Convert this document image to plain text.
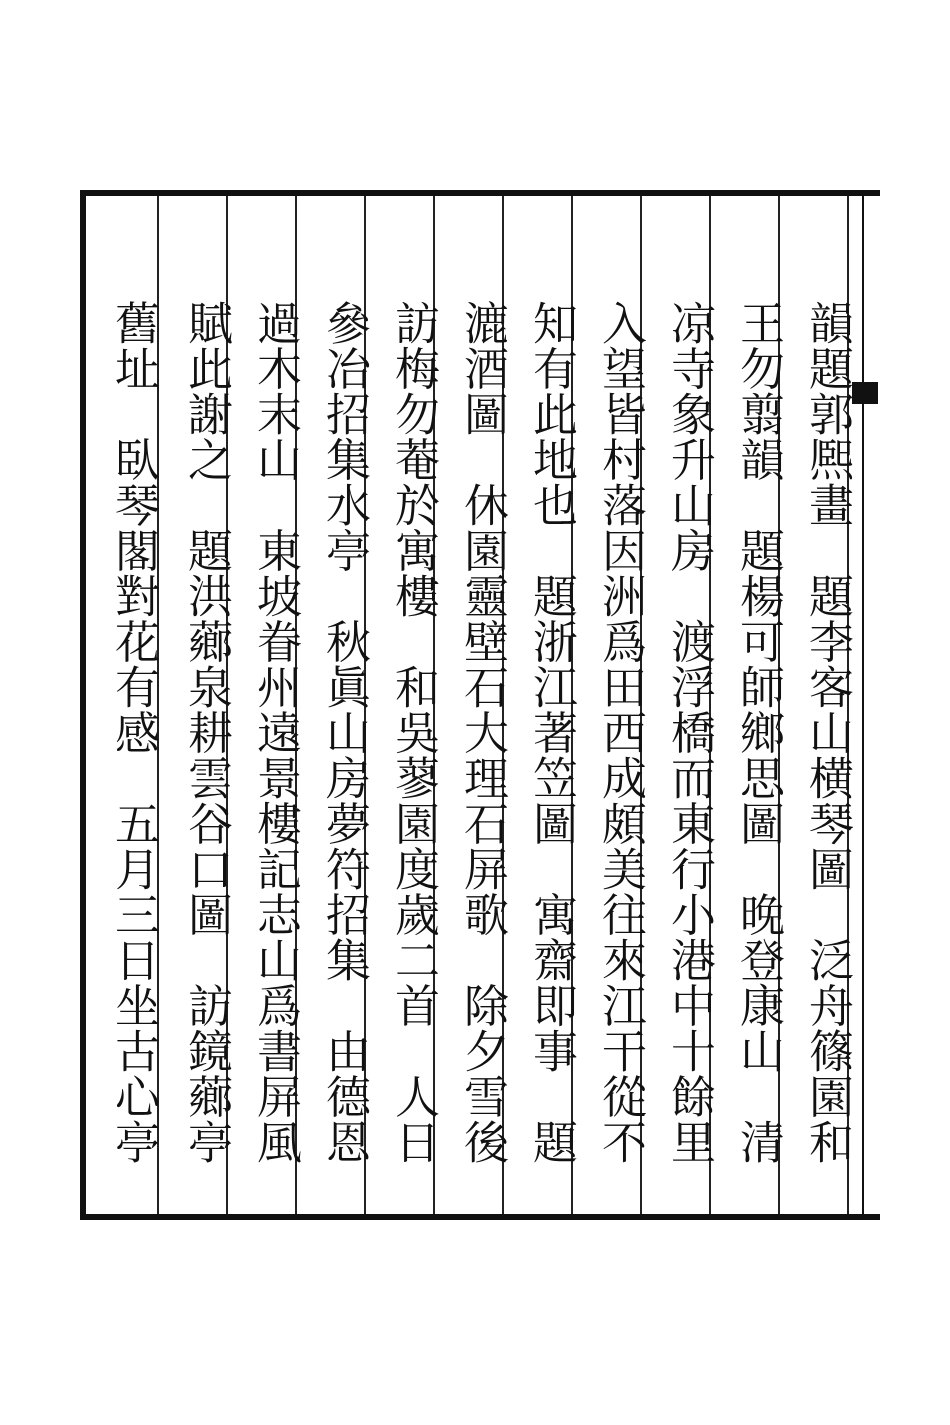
韻題郭熈畫　題李客山横琴圖　泛舟篠園和
王勿翦韻　題楊可師鄉思圖　晚登康山　清
凉寺象升山房　渡浮橋而東行小港中十餘里
入望皆村落因洲爲田西成頗美往來江干從不
知有此地也　題浙江著笠圖　寓齋即事　題
漉酒圖　休園靈壁石大理石屏歌　除夕雪後
訪梅勿菴於寓樓　和吳蓼園度歲二首　人日
參冶招集水亭　秋眞山房夢符招集　由德恩
過木末山　東坡眷州遠景樓記志山爲書屏風
賦此謝之　題洪薌泉耕雲谷口圖　訪鏡薌亭
舊址　臥琴閣對花有感　五月三日坐古心亭
